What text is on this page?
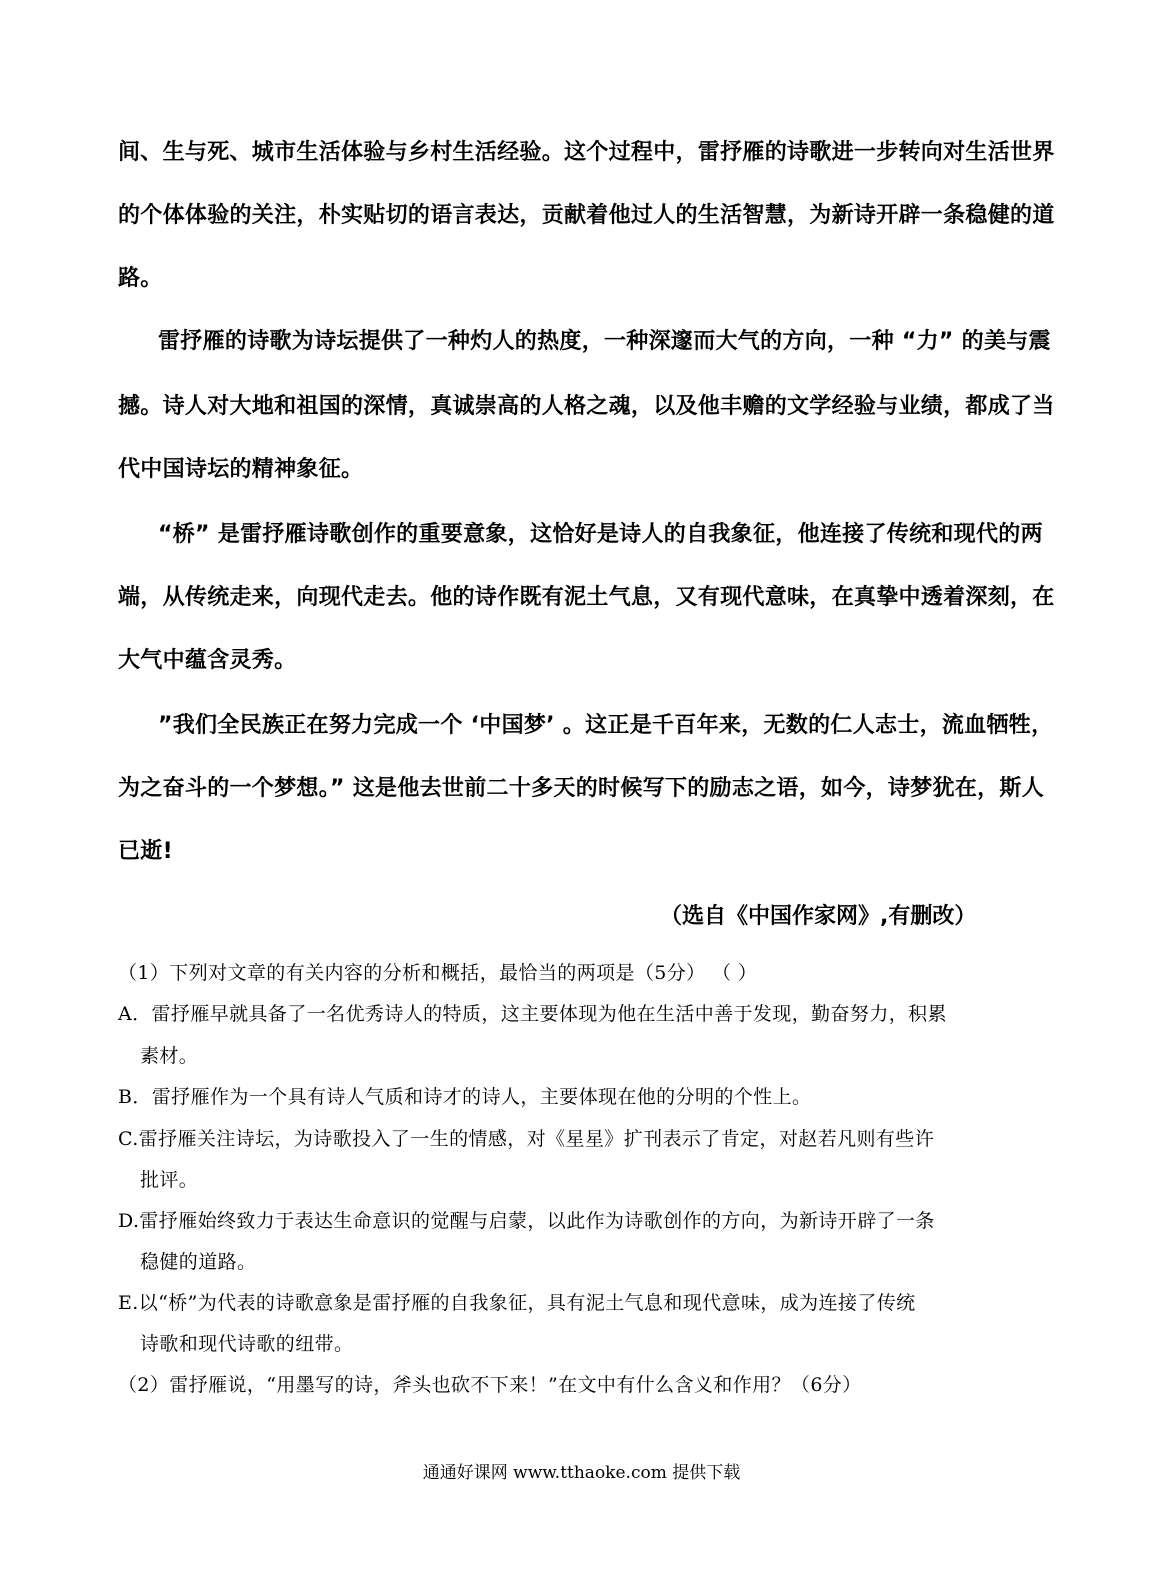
间、生与死、城市生活体验与乡村生活经验。这个过程中，雷抒雁的诗歌进一步转向对生活世界
的个体体验的关注，朴实贴切的语言表达，贡献着他过人的生活智慧，为新诗开辟一条稳健的道
路。
雷抒雁的诗歌为诗坛提供了一种灼人的热度，一种深邃而大气的方向，一种 “力” 的美与震
撼。诗人对大地和祖国的深情，真诚崇高的人格之魂，以及他丰赡的文学经验与业绩，都成了当
代中国诗坛的精神象征。
“桥” 是雷抒雁诗歌创作的重要意象，这恰好是诗人的自我象征，他连接了传统和现代的两
端，从传统走来，向现代走去。他的诗作既有泥土气息，又有现代意味，在真挚中透着深刻，在
大气中蕴含灵秀。
”我们全民族正在努力完成一个 ‘中国梦’ 。这正是千百年来，无数的仁人志士，流血牺牲，
为之奋斗的一个梦想。” 这是他去世前二十多天的时候写下的励志之语，如今，诗梦犹在，斯人
已逝!
（选自《中国作家网》,有删改）
（1）下列对文章的有关内容的分析和概括，最恰当的两项是（5分） （ ）
A．雷抒雁早就具备了一名优秀诗人的特质，这主要体现为他在生活中善于发现，勤奋努力，积累
素材。
B．雷抒雁作为一个具有诗人气质和诗才的诗人，主要体现在他的分明的个性上。
C.雷抒雁关注诗坛，为诗歌投入了一生的情感，对《星星》扩刊表示了肯定，对赵若凡则有些许
批评。
D.雷抒雁始终致力于表达生命意识的觉醒与启蒙，以此作为诗歌创作的方向，为新诗开辟了一条
稳健的道路。
E.以“桥”为代表的诗歌意象是雷抒雁的自我象征，具有泥土气息和现代意味，成为连接了传统
诗歌和现代诗歌的纽带。
（2）雷抒雁说，“用墨写的诗，斧头也砍不下来！”在文中有什么含义和作用？（6分）
通通好课网 www.tthaoke.com 提供下载
